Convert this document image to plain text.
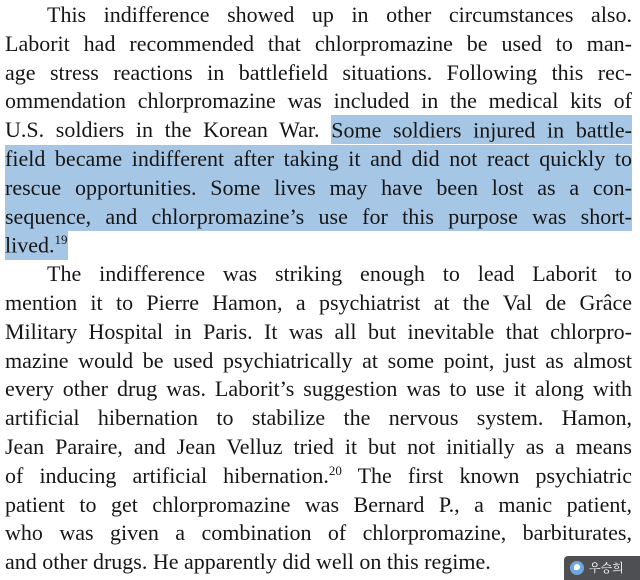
This indifference showed up in other circumstances also.
Laborit had recommended that chlorpromazine be used to man-
age stress reactions in battlefield situations. Following this rec-
ommendation chlorpromazine was included in the medical kits of
U.S. soldiers in the Korean War. Some soldiers injured in battle-
field became indifferent after taking it and did not react quickly to
rescue opportunities. Some lives may have been lost as a con-
sequence, and chlorpromazine’s use for this purpose was short-
lived.$^{19}$
The indifference was striking enough to lead Laborit to
mention it to Pierre Hamon, a psychiatrist at the Val de Grâce
Military Hospital in Paris. It was all but inevitable that chlorpro-
mazine would be used psychiatrically at some point, just as almost
every other drug was. Laborit’s suggestion was to use it along with
artificial hibernation to stabilize the nervous system. Hamon,
Jean Paraire, and Jean Velluz tried it but not initially as a means
of inducing artificial hibernation.$^{20}$ The first known psychiatric
patient to get chlorpromazine was Bernard P., a manic patient,
who was given a combination of chlorpromazine, barbiturates,
and other drugs. He apparently did well on this regime.	우승희
